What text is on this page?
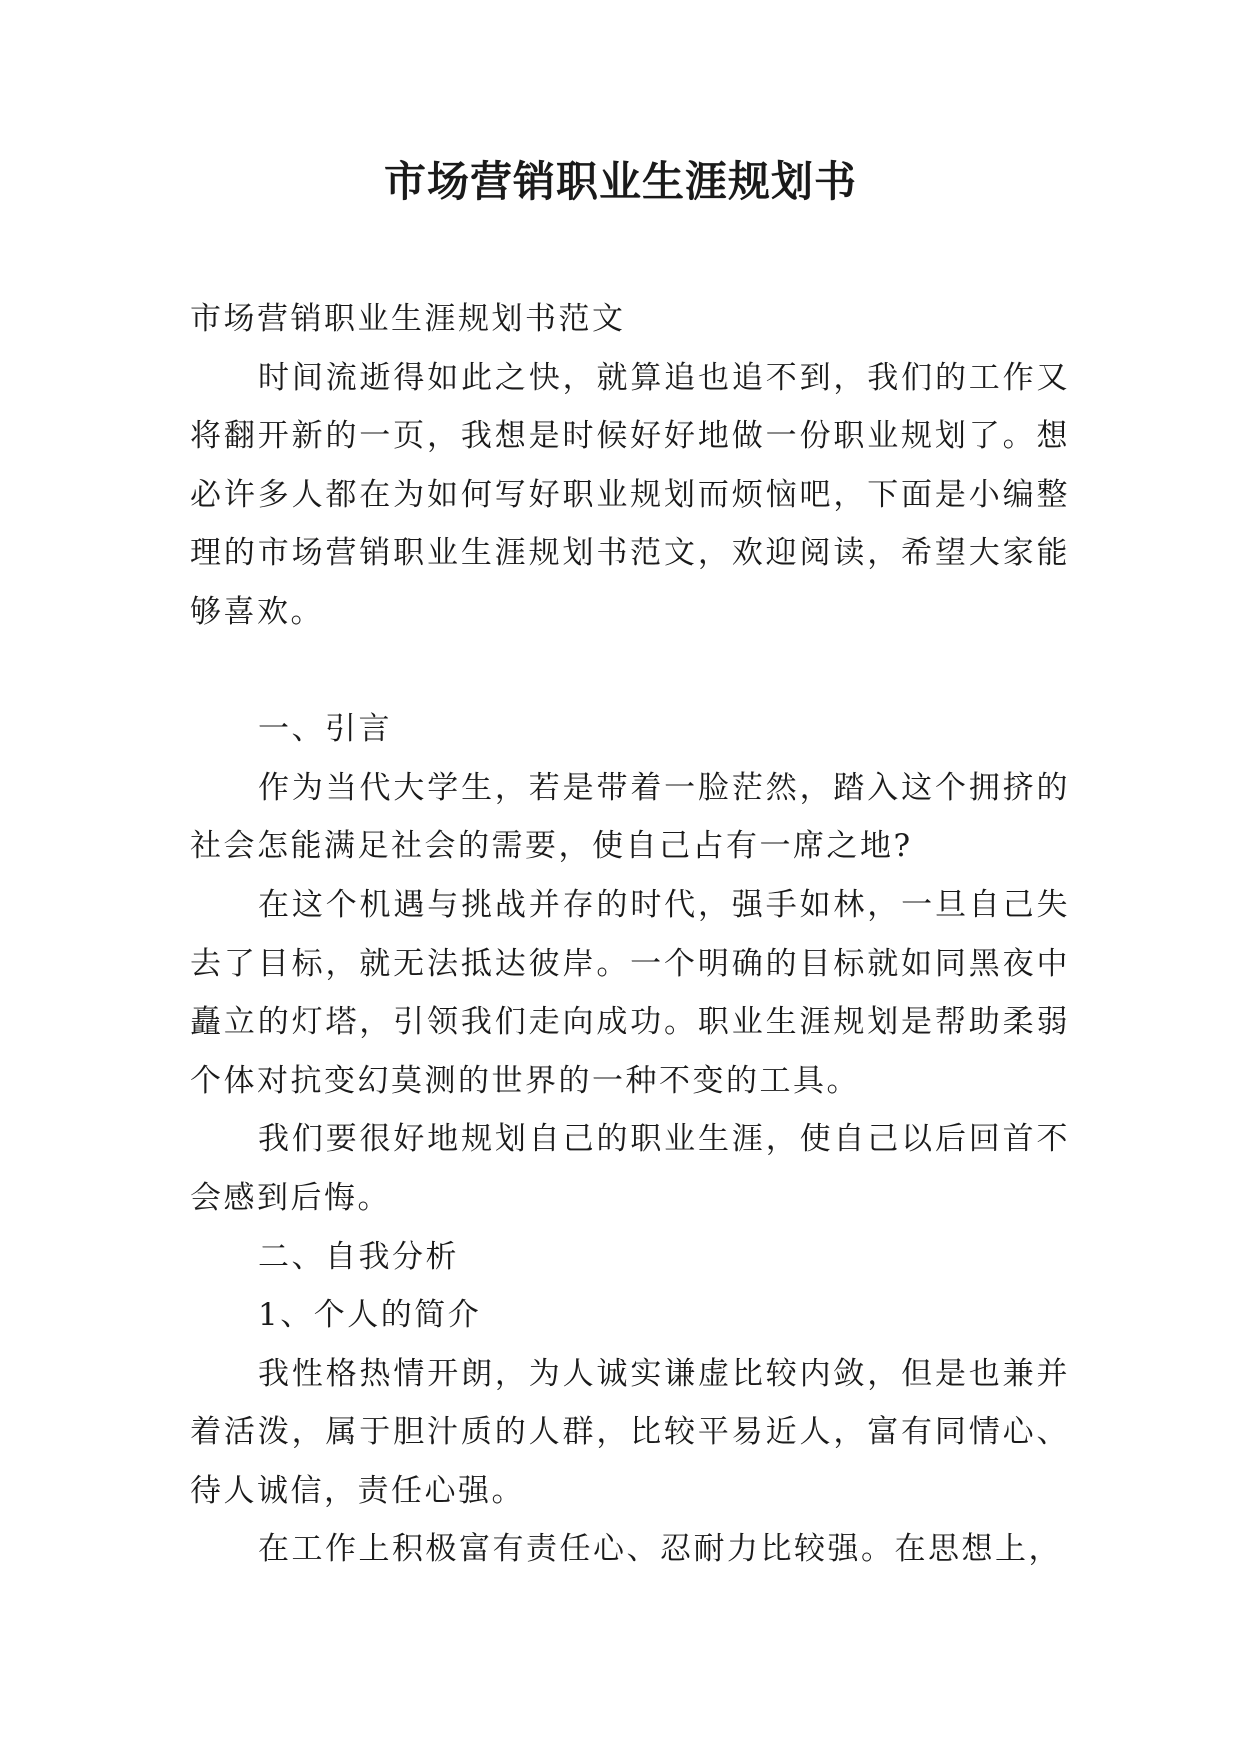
市场营销职业生涯规划书

市场营销职业生涯规划书范文

时间流逝得如此之快，就算追也追不到，我们的工作又将翻开新的一页，我想是时候好好地做一份职业规划了。想必许多人都在为如何写好职业规划而烦恼吧，下面是小编整理的市场营销职业生涯规划书范文，欢迎阅读，希望大家能够喜欢。

一、引言

作为当代大学生，若是带着一脸茫然，踏入这个拥挤的社会怎能满足社会的需要，使自己占有一席之地?

在这个机遇与挑战并存的时代，强手如林，一旦自己失去了目标，就无法抵达彼岸。一个明确的目标就如同黑夜中矗立的灯塔，引领我们走向成功。职业生涯规划是帮助柔弱个体对抗变幻莫测的世界的一种不变的工具。

我们要很好地规划自己的职业生涯，使自己以后回首不会感到后悔。

二、自我分析

1、个人的简介

我性格热情开朗，为人诚实谦虚比较内敛，但是也兼并着活泼，属于胆汁质的人群，比较平易近人，富有同情心、待人诚信，责任心强。

在工作上积极富有责任心、忍耐力比较强。在思想上，
